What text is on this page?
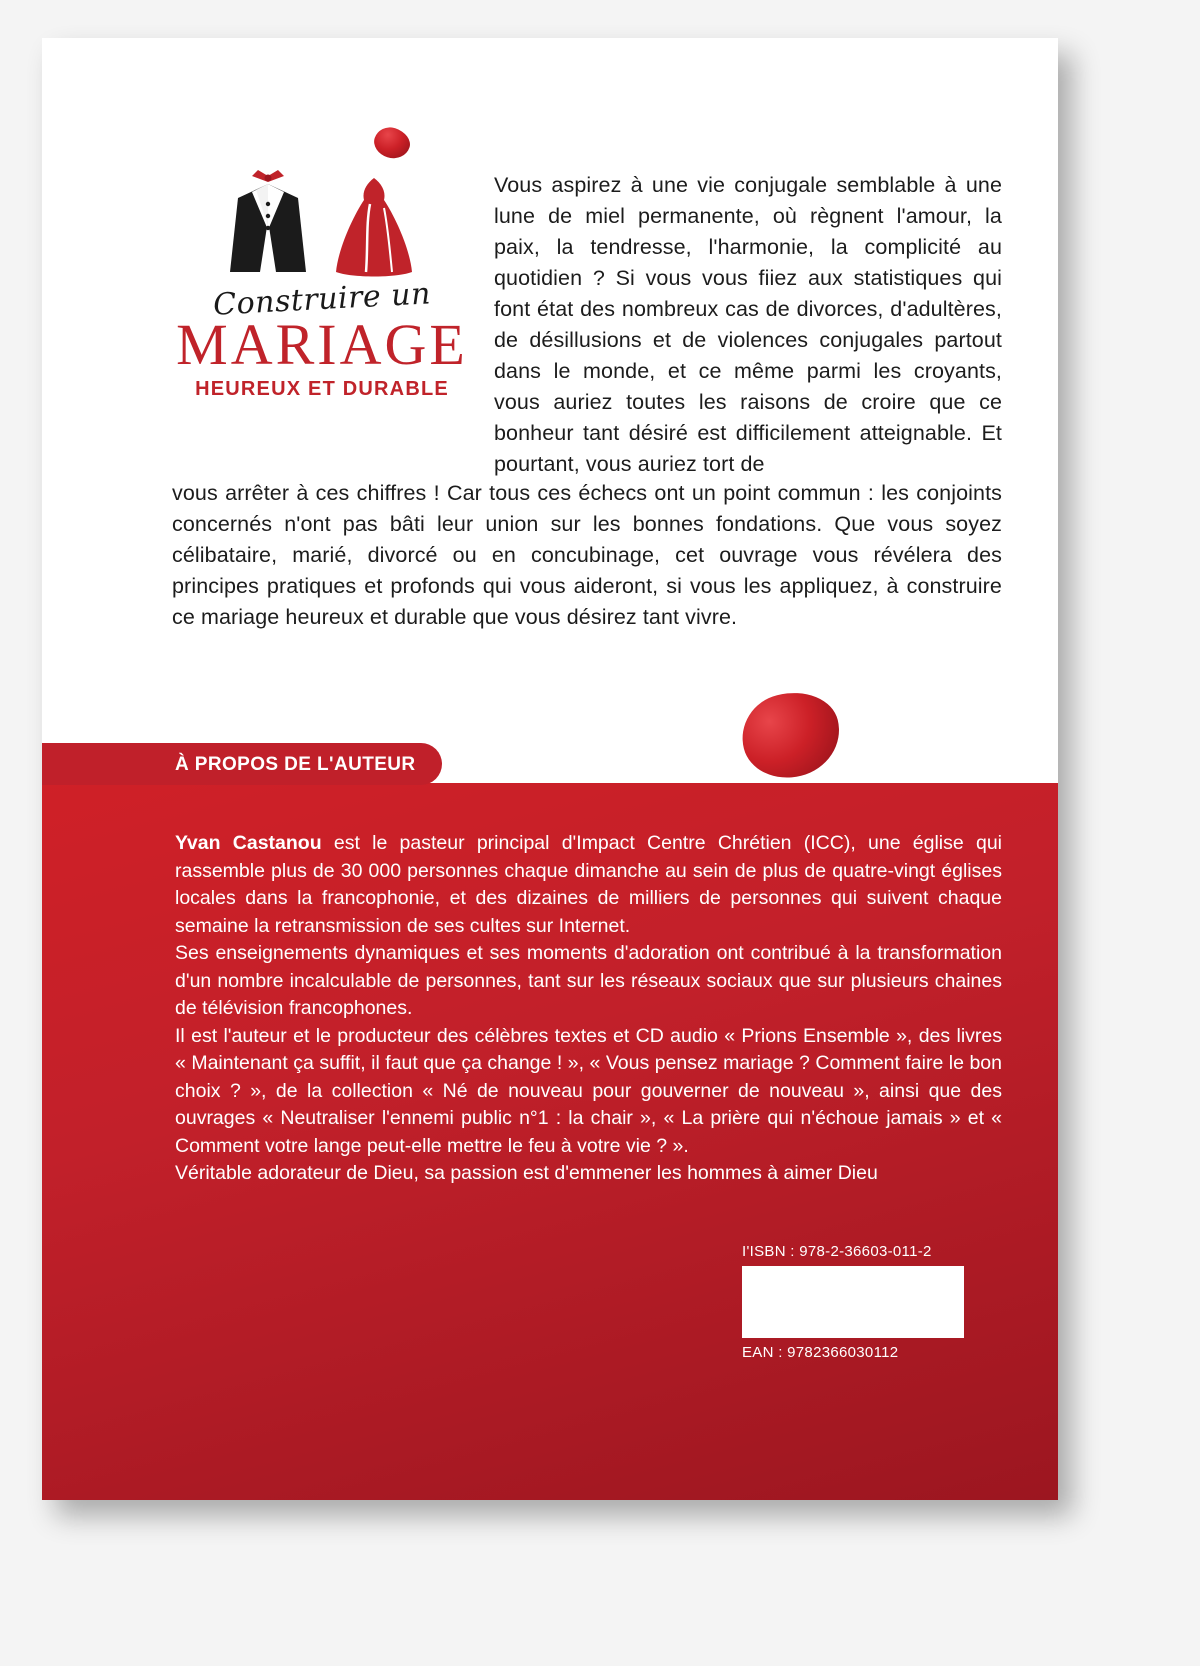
Construire un
MARIAGE
HEUREUX ET DURABLE
Vous aspirez à une vie conjugale semblable à une lune de miel permanente, où règnent l'amour, la paix, la tendresse, l'harmonie, la complicité au quotidien ? Si vous vous fiiez aux statistiques qui font état des nombreux cas de divorces, d'adultères, de désillusions et de violences conjugales partout dans le monde, et ce même parmi les croyants, vous auriez toutes les raisons de croire que ce bonheur tant désiré est difficilement atteignable. Et pourtant, vous auriez tort de
vous arrêter à ces chiffres ! Car tous ces échecs ont un point commun : les conjoints concernés n'ont pas bâti leur union sur les bonnes fondations. Que vous soyez célibataire, marié, divorcé ou en concubinage, cet ouvrage vous révélera des principes pratiques et profonds qui vous aideront, si vous les appliquez, à construire ce mariage heureux et durable que vous désirez tant vivre.
À PROPOS DE L'AUTEUR

Yvan Castanou est le pasteur principal d'Impact Centre Chrétien (ICC), une église qui rassemble plus de 30 000 personnes chaque dimanche au sein de plus de quatre-vingt églises locales dans la francophonie, et des dizaines de milliers de personnes qui suivent chaque semaine la retransmission de ses cultes sur Internet.

Ses enseignements dynamiques et ses moments d'adoration ont contribué à la transformation d'un nombre incalculable de personnes, tant sur les réseaux sociaux que sur plusieurs chaines de télévision francophones.

Il est l'auteur et le producteur des célèbres textes et CD audio « Prions Ensemble », des livres « Maintenant ça suffit, il faut que ça change ! », « Vous pensez mariage ? Comment faire le bon choix ? », de la collection « Né de nouveau pour gouverner de nouveau », ainsi que des ouvrages « Neutraliser l'ennemi public n°1 : la chair », « La prière qui n'échoue jamais » et « Comment votre lange peut-elle mettre le feu à votre vie ? ».

Véritable adorateur de Dieu, sa passion est d'emmener les hommes à aimer Dieu

I'ISBN : 978-2-36603-011-2
EAN : 9782366030112
